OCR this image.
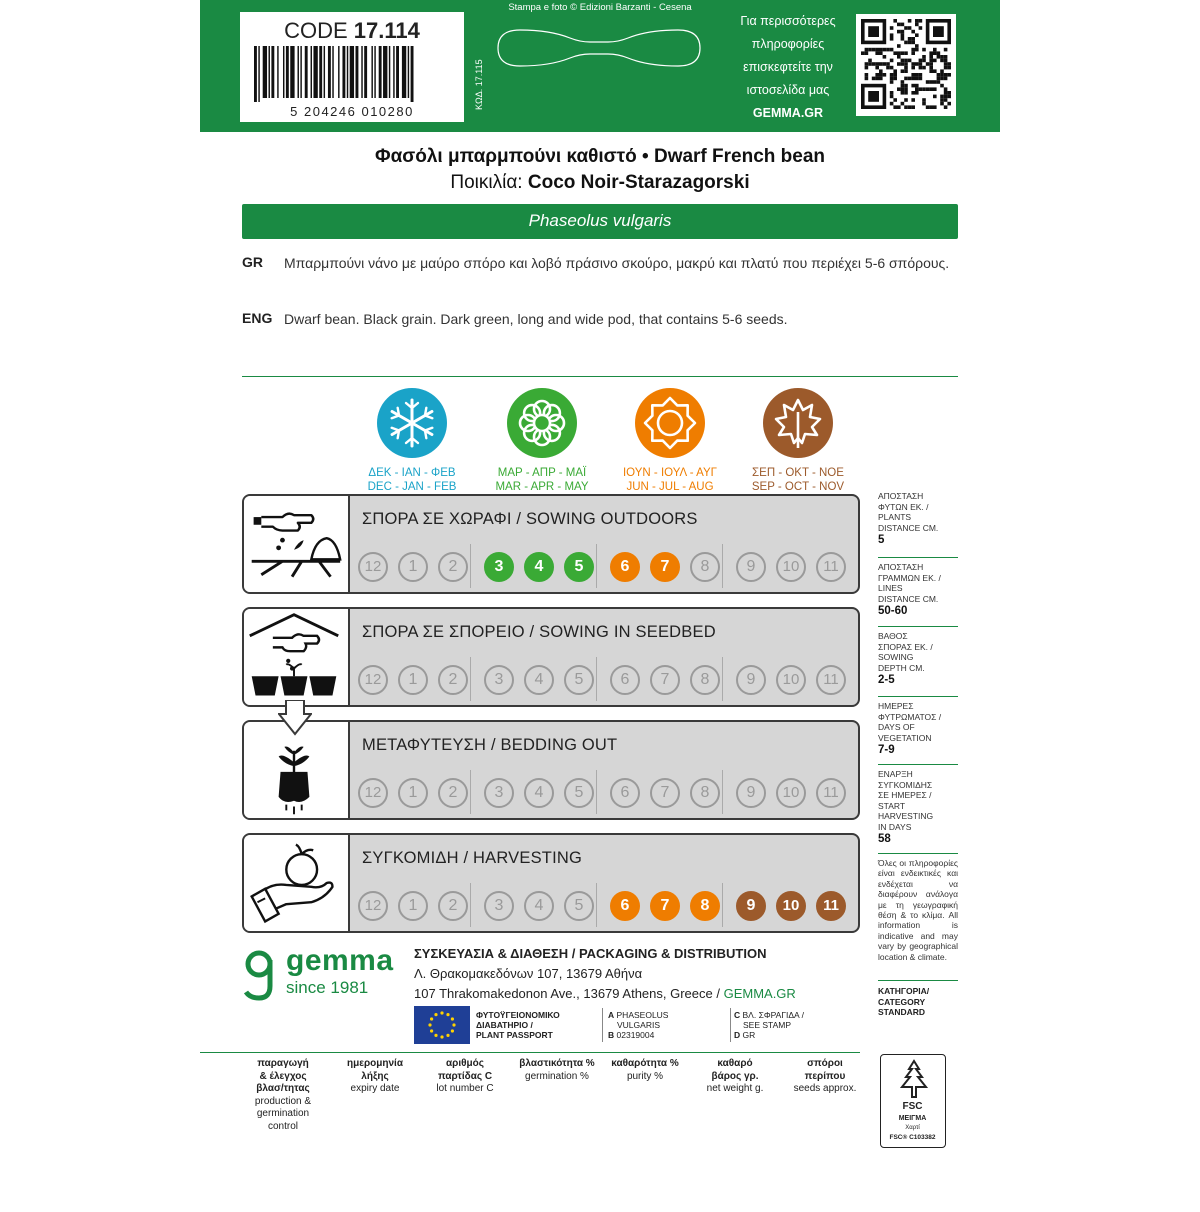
CODE 17.114
5 204246 010280
ΚΩΔ. 17.115
Stampa e foto © Edizioni Barzanti - Cesena
Για περισσότερες
πληροφορίες
επισκεφτείτε την
ιστοσελίδα μας
GEMMA.GR
Φασόλι μπαρμπούνι καθιστό • Dwarf French bean
Ποικιλία: Coco Noir-Starazagorski
Phaseolus vulgaris
GR Μπαρμπούνι νάνο με μαύρο σπόρο και λοβό πράσινο σκούρο, μακρύ και πλατύ που περιέχει 5-6 σπόρους.
ENG Dwarf bean. Black grain. Dark green, long and wide pod, that contains 5-6 seeds.
ΔΕΚ - ΙΑΝ - ΦΕΒ
DEC - JAN - FEB
ΜΑΡ - ΑΠΡ - ΜΑΪ
MAR - APR - MAY
ΙΟΥΝ - ΙΟΥΛ - ΑΥΓ
JUN - JUL - AUG
ΣΕΠ - ΟΚΤ - ΝΟΕ
SEP - OCT - NOV
ΣΠΟΡΑ ΣΕ ΧΩΡΑΦΙ / SOWING OUTDOORS
12	1	2	3	4	5	6	7	8	9	10	11
ΣΠΟΡΑ ΣΕ ΣΠΟΡΕΙΟ / SOWING IN SEEDBED
12	1	2	3	4	5	6	7	8	9	10	11
ΜΕΤΑΦΥΤΕΥΣΗ / BEDDING OUT
12	1	2	3	4	5	6	7	8	9	10	11
ΣΥΓΚΟΜΙΔΗ / HARVESTING
12	1	2	3	4	5	6	7	8	9	10	11
ΑΠΟΣΤΑΣΗ
ΦΥΤΩΝ ΕΚ. /
PLANTS
DISTANCE CM.
5
ΑΠΟΣΤΑΣΗ
ΓΡΑΜΜΩΝ ΕΚ. /
LINES
DISTANCE CM.
50-60
ΒΑΘΟΣ
ΣΠΟΡΑΣ ΕΚ. /
SOWING
DEPTH CM.
2-5
ΗΜΕΡΕΣ
ΦΥΤΡΩΜΑΤΟΣ /
DAYS OF
VEGETATION
7-9
ΕΝΑΡΞΗ
ΣΥΓΚΟΜΙΔΗΣ
ΣΕ ΗΜΕΡΕΣ /
START
HARVESTING
IN DAYS
58
Όλες οι πληροφορίες είναι ενδεικτικές και ενδέχεται να διαφέρουν ανάλογα με τη γεωγραφική θέση & το κλίμα. All information is indicative and may vary by geographical location & climate.
ΚΑΤΗΓΟΡΙΑ/
CATEGORY
STANDARD
gemma
since 1981
ΣΥΣΚΕΥΑΣΙΑ & ΔΙΑΘΕΣΗ / PACKAGING & DISTRIBUTION
Λ. Θρακομακεδόνων 107, 13679 Αθήνα
107 Thrakomakedonon Ave., 13679 Athens, Greece / GEMMA.GR
ΦΥΤΟΫΓΕΙΟΝΟΜΙΚΟ
ΔΙΑΒΑΤΗΡΙΟ /
PLANT PASSPORT
A PHASEOLUS
VULGARIS
B 02319004
C ΒΛ. ΣΦΡΑΓΙΔΑ /
SEE STAMP
D GR
παραγωγή
& έλεγχος
βλασ/τητας
production &
germination
control
ημερομηνία
λήξης
expiry date
αριθμός
παρτίδας C
lot number C
βλαστικότητα %
germination %
καθαρότητα %
purity %
καθαρό
βάρος γρ.
net weight g.
σπόροι
περίπου
seeds approx.
FSC
ΜΕΙΓΜΑ
Χαρτί
FSC® C103382
